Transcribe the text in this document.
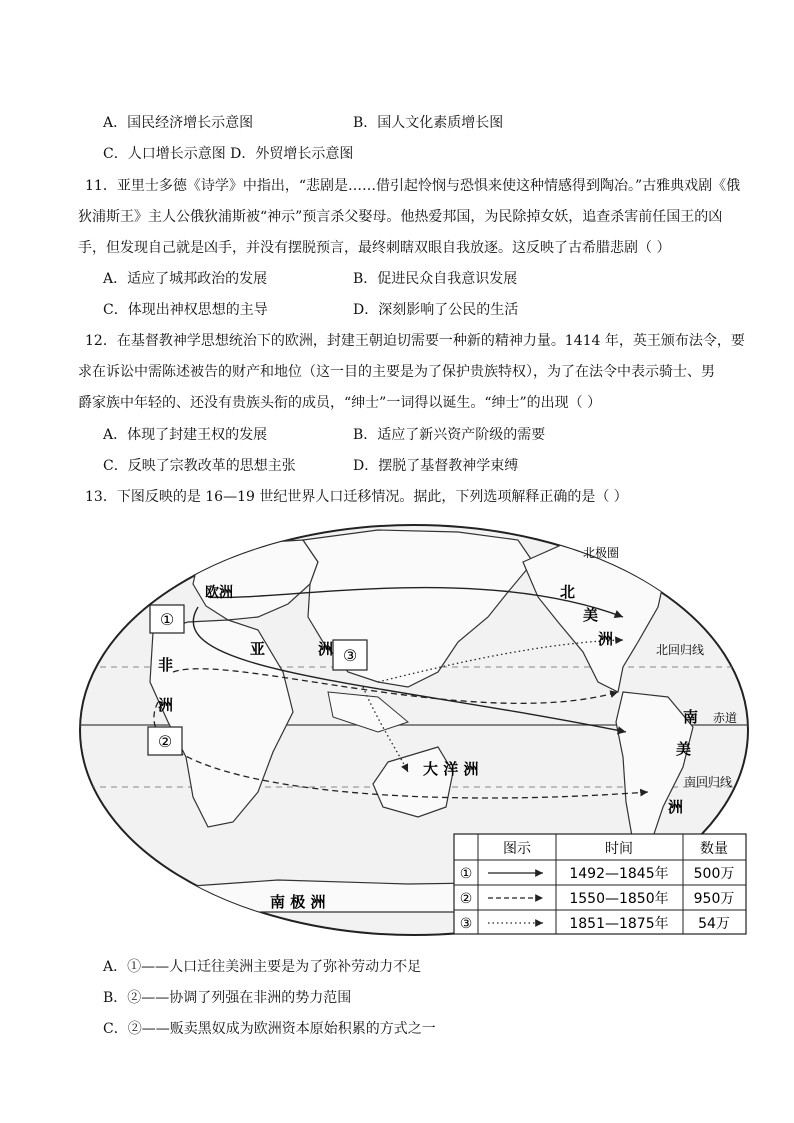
A．国民经济增长示意图	B．国人文化素质增长图
C．人口增长示意图 D．外贸增长示意图
11．亚里士多德《诗学》中指出，“悲剧是……借引起怜悯与恐惧来使这种情感得到陶冶。”古雅典戏剧《俄
狄浦斯王》主人公俄狄浦斯被“神示”预言杀父娶母。他热爱邦国，为民除掉女妖，追查杀害前任国王的凶
手，但发现自己就是凶手，并没有摆脱预言，最终刺瞎双眼自我放逐。这反映了古希腊悲剧（ ）
A．适应了城邦政治的发展	B．促进民众自我意识发展
C．体现出神权思想的主导	D．深刻影响了公民的生活
12．在基督教神学思想统治下的欧洲，封建王朝迫切需要一种新的精神力量。1414 年，英王颁布法令，要
求在诉讼中需陈述被告的财产和地位（这一目的主要是为了保护贵族特权），为了在法令中表示骑士、男
爵家族中年轻的、还没有贵族头衔的成员，“绅士”一词得以诞生。“绅士”的出现（ ）
A．体现了封建王权的发展	B．适应了新兴资产阶级的需要
C．反映了宗教改革的思想主张	D．摆脱了基督教神学束缚
13．下图反映的是 16—19 世纪世界人口迁移情况。据此，下列选项解释正确的是（ ）
北极圈
欧洲
亚	洲
非
洲
北
美
洲
北回归线
赤道
南
美
南回归线
洲
大 洋 洲
南 极 洲
①
②
③
图示	时间	数量
①	1492—1845年 500万
②	1550—1850年 950万
③	1851—1875年 54万
A．①——人口迁往美洲主要是为了弥补劳动力不足
B．②——协调了列强在非洲的势力范围
C．②——贩卖黑奴成为欧洲资本原始积累的方式之一
